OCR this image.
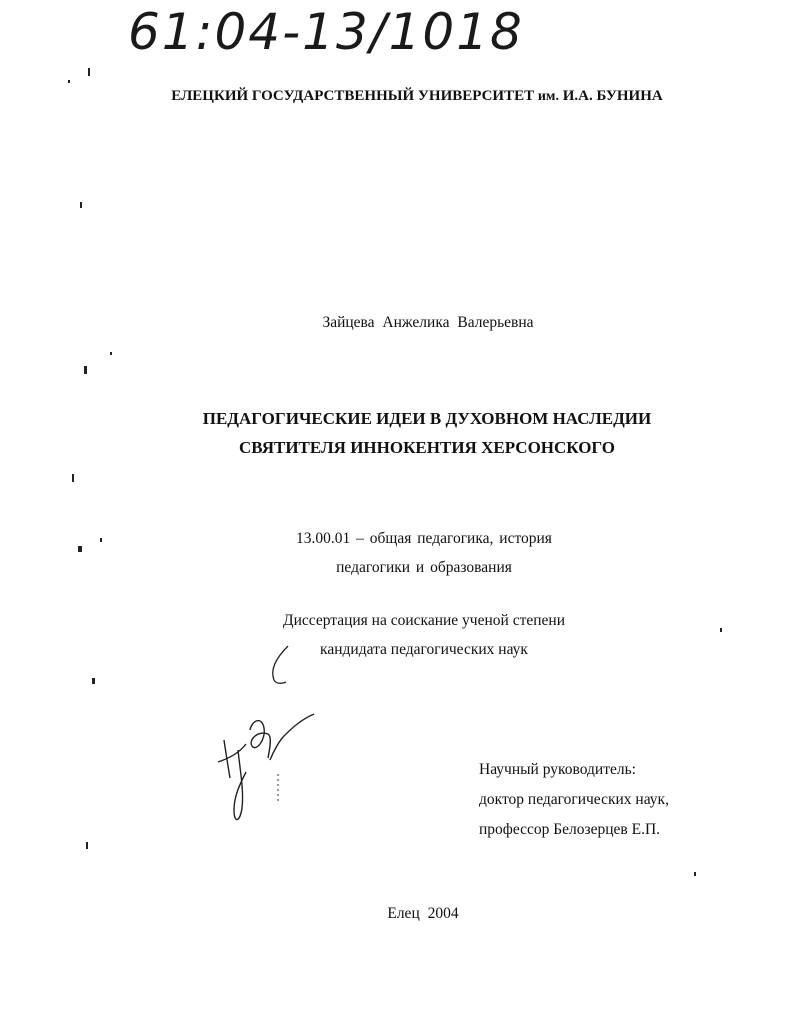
61:04-13/1018
ЕЛЕЦКИЙ ГОСУДАРСТВЕННЫЙ УНИВЕРСИТЕТ им. И.А. БУНИНА
Зайцева Анжелика Валерьевна
ПЕДАГОГИЧЕСКИЕ ИДЕИ В ДУХОВНОМ НАСЛЕДИИ
СВЯТИТЕЛЯ ИННОКЕНТИЯ ХЕРСОНСКОГО
13.00.01 – общая педагогика, история
педагогики и образования
Диссертация на соискание ученой степени
кандидата педагогических наук
Научный руководитель:
доктор педагогических наук,
профессор Белозерцев Е.П.
Елец 2004
